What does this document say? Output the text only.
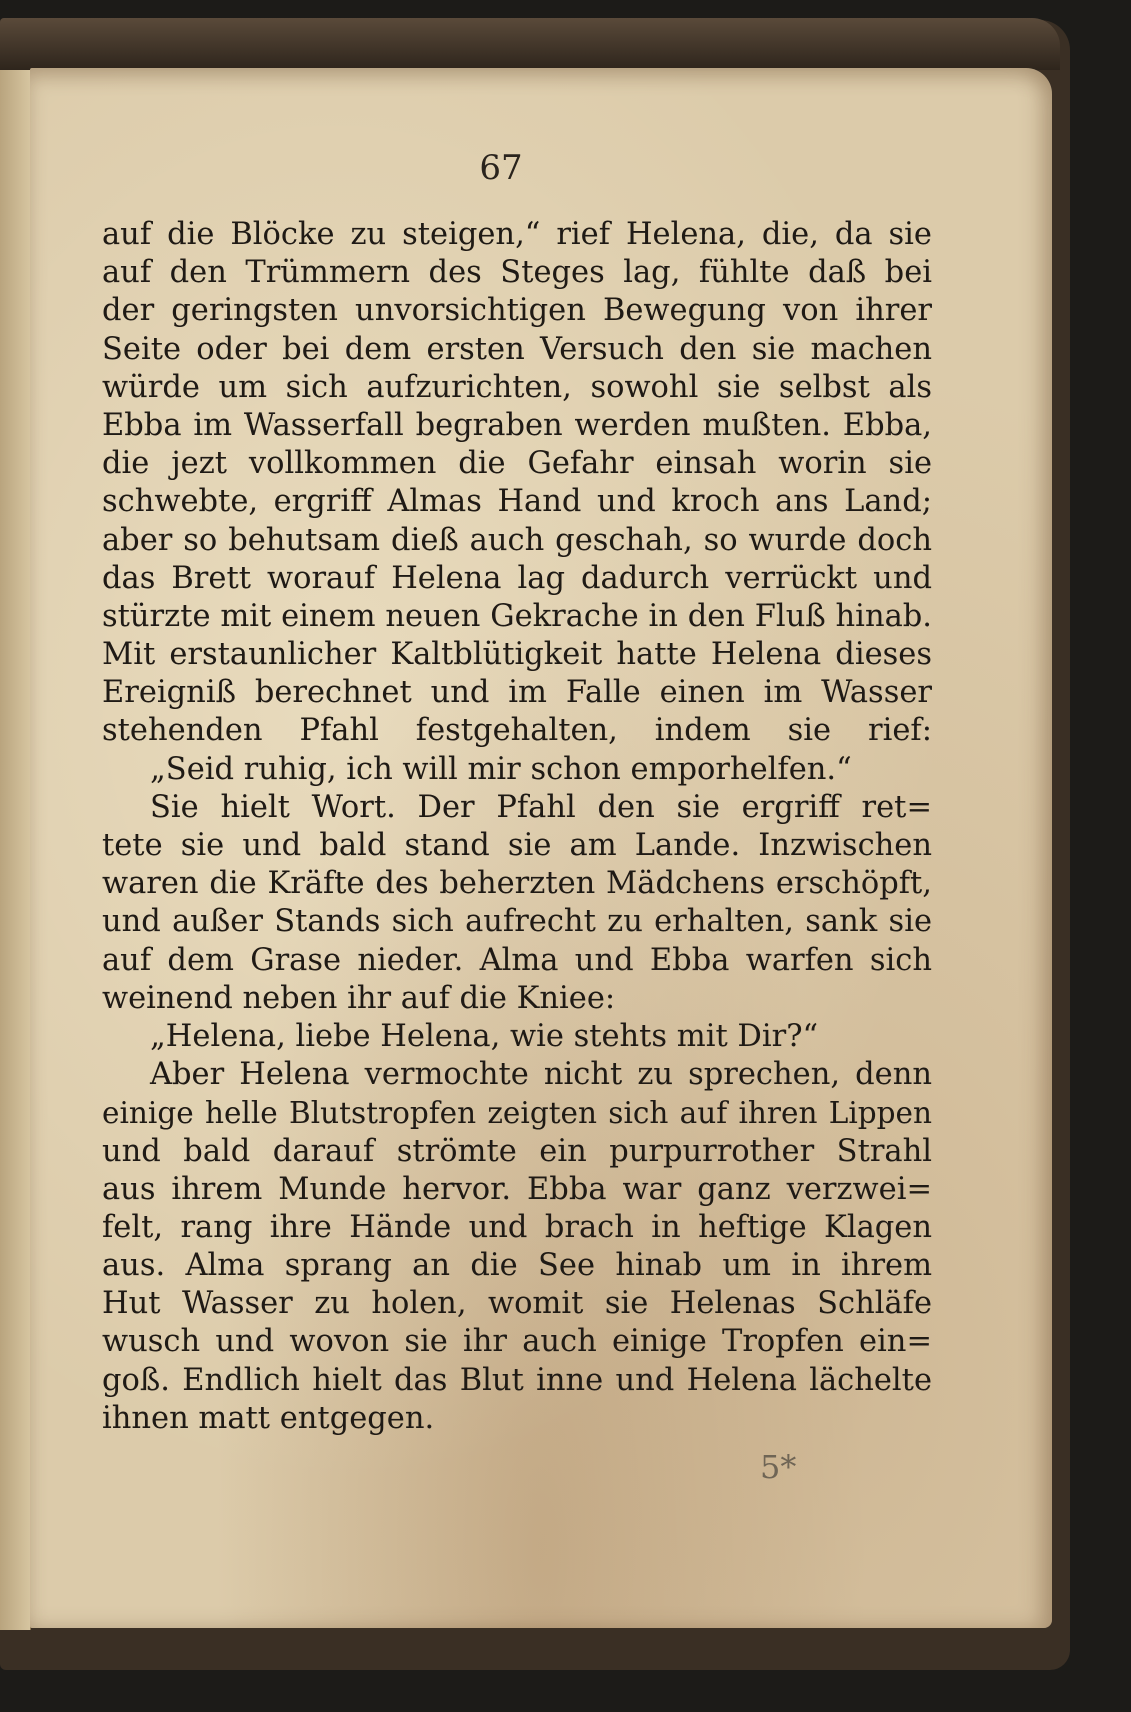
67
auf die Blöcke zu steigen,“ rief Helena, die, da sie
auf den Trümmern des Steges lag, fühlte daß bei
der geringsten unvorsichtigen Bewegung von ihrer
Seite oder bei dem ersten Versuch den sie machen
würde um sich aufzurichten, sowohl sie selbst als
Ebba im Wasserfall begraben werden mußten. Ebba,
die jezt vollkommen die Gefahr einsah worin sie
schwebte, ergriff Almas Hand und kroch ans Land;
aber so behutsam dieß auch geschah, so wurde doch
das Brett worauf Helena lag dadurch verrückt und
stürzte mit einem neuen Gekrache in den Fluß hinab.
Mit erstaunlicher Kaltblütigkeit hatte Helena dieses
Ereigniß berechnet und im Falle einen im Wasser
stehenden Pfahl festgehalten, indem sie rief:
„Seid ruhig, ich will mir schon emporhelfen.“
Sie hielt Wort. Der Pfahl den sie ergriff ret=
tete sie und bald stand sie am Lande. Inzwischen
waren die Kräfte des beherzten Mädchens erschöpft,
und außer Stands sich aufrecht zu erhalten, sank sie
auf dem Grase nieder. Alma und Ebba warfen sich
weinend neben ihr auf die Kniee:
„Helena, liebe Helena, wie stehts mit Dir?“
Aber Helena vermochte nicht zu sprechen, denn
einige helle Blutstropfen zeigten sich auf ihren Lippen
und bald darauf strömte ein purpurrother Strahl
aus ihrem Munde hervor. Ebba war ganz verzwei=
felt, rang ihre Hände und brach in heftige Klagen
aus. Alma sprang an die See hinab um in ihrem
Hut Wasser zu holen, womit sie Helenas Schläfe
wusch und wovon sie ihr auch einige Tropfen ein=
goß. Endlich hielt das Blut inne und Helena lächelte
ihnen matt entgegen.
5*
